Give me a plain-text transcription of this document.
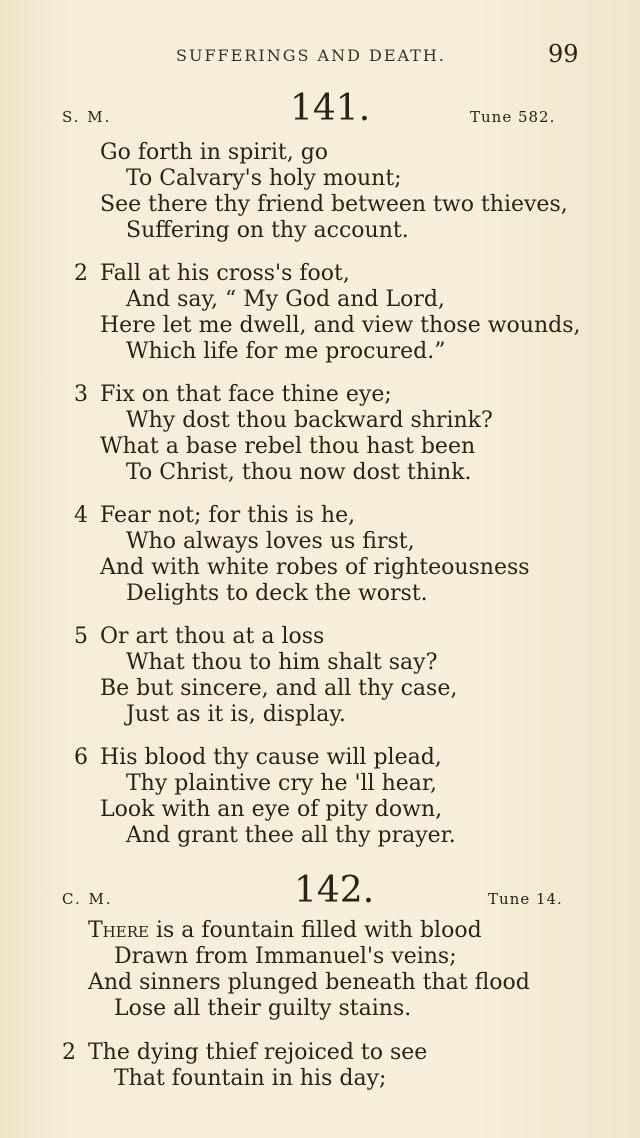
SUFFERINGS AND DEATH.	99
S. M.	141.	Tune 582.
Go forth in spirit, go
To Calvary's holy mount;
See there thy friend between two thieves,
Suffering on thy account.
2 Fall at his cross's foot,
And say, “ My God and Lord,
Here let me dwell, and view those wounds,
Which life for me procured.”
3 Fix on that face thine eye;
Why dost thou backward shrink?
What a base rebel thou hast been
To Christ, thou now dost think.
4 Fear not; for this is he,
Who always loves us first,
And with white robes of righteousness
Delights to deck the worst.
5 Or art thou at a loss
What thou to him shalt say?
Be but sincere, and all thy case,
Just as it is, display.
6 His blood thy cause will plead,
Thy plaintive cry he 'll hear,
Look with an eye of pity down,
And grant thee all thy prayer.
C. M.	142.	Tune 14.
There is a fountain filled with blood
Drawn from Immanuel's veins;
And sinners plunged beneath that flood
Lose all their guilty stains.
2 The dying thief rejoiced to see
That fountain in his day;
